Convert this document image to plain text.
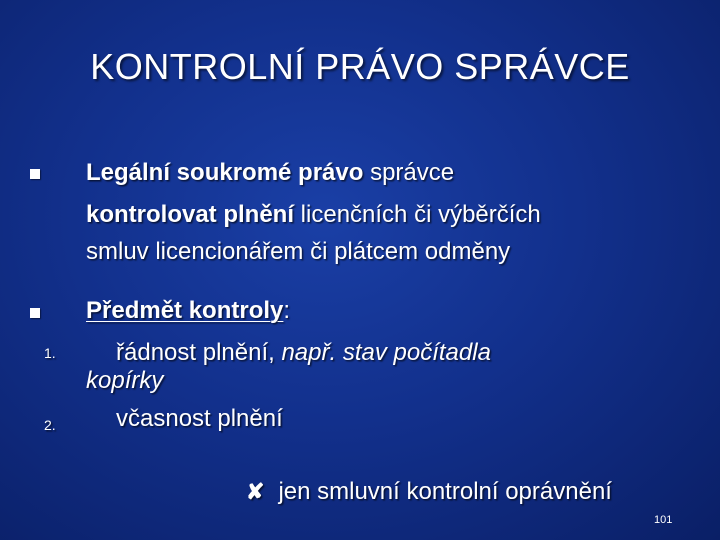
KONTROLNÍ PRÁVO SPRÁVCE
Legální soukromé právo správce
kontrolovat plnění licenčních či výběrčích
smluv licencionářem či plátcem odměny
Předmět kontroly:
1.	řádnost plnění, např. stav počítadla
kopírky
2.	včasnost plnění
✘ jen smluvní kontrolní oprávnění
101
